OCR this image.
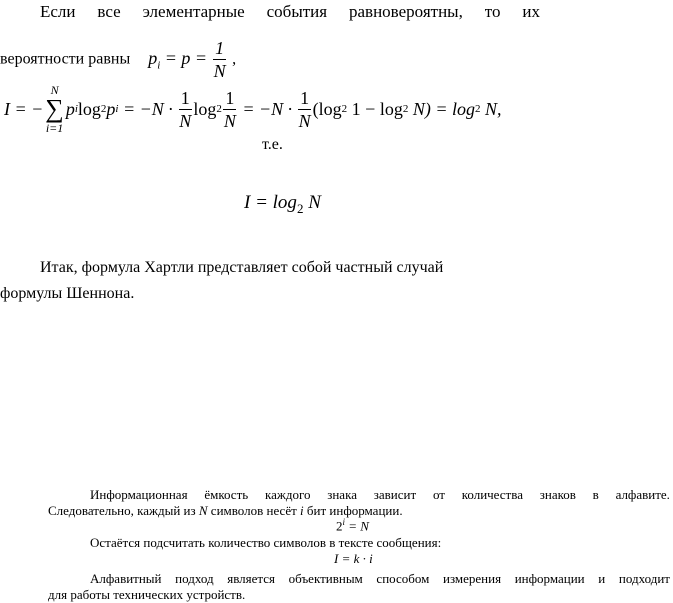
Если все элементарные события равновероятны, то их
вероятности равны $p_i = p = \frac{1}{N}$ ,
I = −
N
∑
i=1
p i log 2 p $i = -N \cdot \frac{1}{N}$ $\log 2 \frac{1}{N} = -N \cdot \frac{1}{N} (\log$ 2 1 − log 2 N) = log 2 N,
т.е.
$I = \log_2 N$
Итак, формула Хартли представляет собой частный случай
формулы Шеннона.
Информационная ёмкость каждого знака зависит от количества знаков в алфавите.
Следовательно, каждый из N символов несёт i бит информации.
$2^i = N$
Остаётся подсчитать количество символов в тексте сообщения:
I = k · i
Алфавитный подход является объективным способом измерения информации и подходит
для работы технических устройств.
